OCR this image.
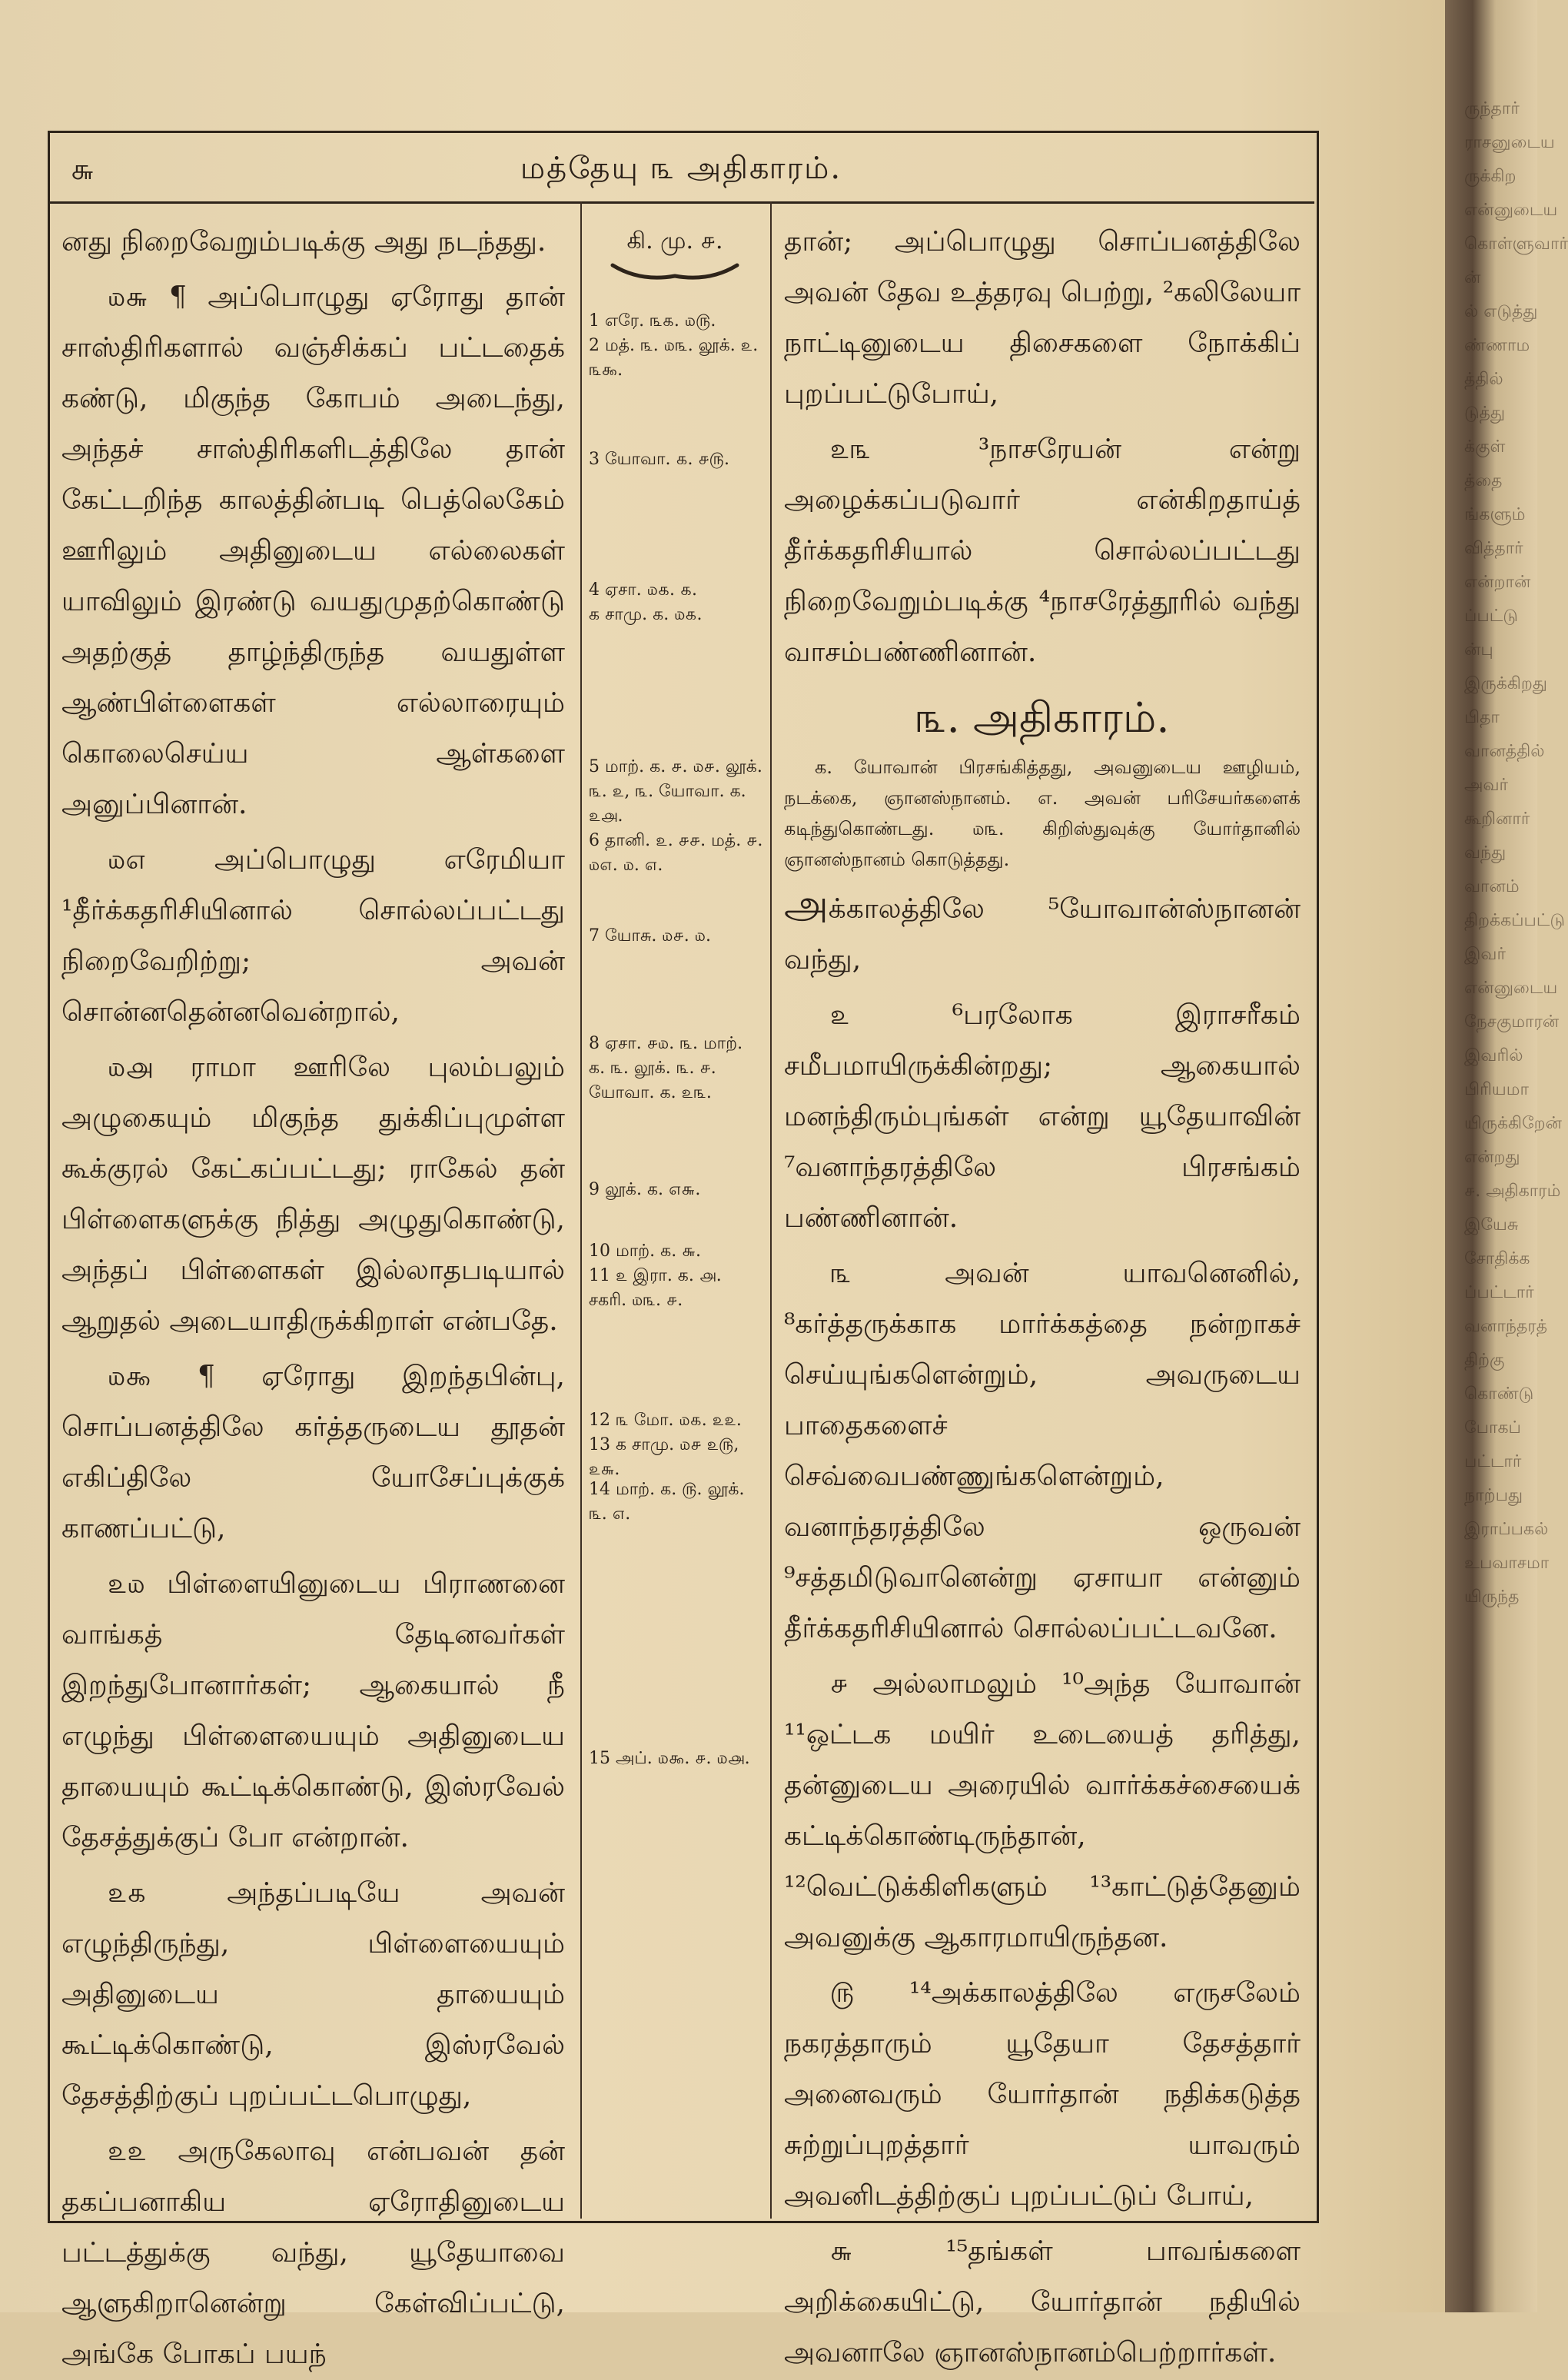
ருந்தார்
ராசனுடைய
ருக்கிற
என்னுடைய
கொள்ளுவார்
ன்
ல் எடுத்து
ண்ணாம
த்தில்
டுத்து
க்குள்
த்தை
ங்களும்
வித்தார்
என்றான்
ப்பட்டு
ன்பு
இருக்கிறது
பிதா
வானத்தில்
அவர்
கூறினார்
வந்து
வானம்
திறக்கப்பட்டு
இவர்
என்னுடைய
நேசகுமாரன்
இவரில்
பிரியமா
யிருக்கிறேன்
என்றது
௪. அதிகாரம்
இயேசு
சோதிக்க
ப்பட்டார்
வனாந்தரத்
திற்கு
கொண்டு
போகப்
பட்டார்
நாற்பது
இராப்பகல்
உபவாசமா
யிருந்த
௬	மத்தேயு ௩ அதிகாரம்.

னது நிறைவேறும்படிக்கு அது நடந்தது.

௰௬ ¶ அப்பொழுது ஏரோது தான் சாஸ்திரிகளால் வஞ்சிக்கப் பட்டதைக் கண்டு, மிகுந்த கோபம் அடைந்து, அந்தச் சாஸ்திரிகளிடத்திலே தான் கேட்டறிந்த காலத்தின்படி பெத்லெகேம் ஊரிலும் அதினுடைய எல்லைகள் யாவிலும் இரண்டு வயதுமுதற்கொண்டு அதற்குத் தாழ்ந்திருந்த வயதுள்ள ஆண்பிள்ளைகள் எல்லாரையும் கொலைசெய்ய ஆள்களை அனுப்பினான்.

௰௭ அப்பொழுது எரேமியா ¹தீர்க்கதரிசியினால் சொல்லப்பட்டது நிறைவேறிற்று; அவன் சொன்னதென்னவென்றால்,

௰௮ ராமா ஊரிலே புலம்பலும் அழுகையும் மிகுந்த துக்கிப்புமுள்ள கூக்குரல் கேட்கப்பட்டது; ராகேல் தன் பிள்ளைகளுக்கு நித்து அழுதுகொண்டு, அந்தப் பிள்ளைகள் இல்லாதபடியால் ஆறுதல் அடையாதிருக்கிறாள் என்பதே.

௰௯ ¶ ஏரோது இறந்தபின்பு, சொப்பனத்திலே கர்த்தருடைய தூதன் எகிப்திலே யோசேப்புக்குக் காணப்பட்டு,

௨௰ பிள்ளையினுடைய பிராணனை வாங்கத் தேடினவர்கள் இறந்துபோனார்கள்; ஆகையால் நீ எழுந்து பிள்ளையையும் அதினுடைய தாயையும் கூட்டிக்கொண்டு, இஸ்ரவேல் தேசத்துக்குப் போ என்றான்.

௨௧ அந்தப்படியே அவன் எழுந்திருந்து, பிள்ளையையும் அதினுடைய தாயையும் கூட்டிக்கொண்டு, இஸ்ரவேல் தேசத்திற்குப் புறப்பட்டபொழுது,

௨௨ அருகேலாவு என்பவன் தன் தகப்பனாகிய ஏரோதினுடைய பட்டத்துக்கு வந்து, யூதேயாவை ஆளுகிறானென்று கேள்விப்பட்டு, அங்கே போகப் பயந்

கி. மு. ௪.
1 எரே. ௩௧. ௰௫.
2 மத். ௩. ௰௩. லூக். ௨. ௩௯.
3 யோவா. ௧. ௪௫.
4 ஏசா. ௰௧. ௧.
க சாமு. க. ௰௧.
5 மாற். க. ௪. ௰௪. லூக். ௩. ௨, ௩. யோவா. க. ௨௮.
6 தானி. ௨. ௪௪. மத். ௪. ௰௭. ௰. ௭.
7 யோசு. ௰௪. ௰.
8 ஏசா. ௪௰. ௩. மாற். க. ௩. லூக். ௩. ௪. யோவா. க. ௨௩.
9 லூக். க. ௭௬.
10 மாற். க. ௬.
11 ௨ இரா. க. ௮. சகரி. ௰௩. ௪.
12 ௩ மோ. ௰௧. ௨௨.
13 க சாமு. ௰௪ ௨௫, ௨௬.
14 மாற். க. ௫. லூக். ௩. ௭.
15 அப். ௰௯. ௪. ௰௮.

தான்; அப்பொழுது சொப்பனத்திலே அவன் தேவ உத்தரவு பெற்று, ²கலிலேயா நாட்டினுடைய திசைகளை நோக்கிப் புறப்பட்டுபோய்,

௨௩	³நாசரேயன் என்று அழைக்கப்படுவார் என்கிறதாய்த் தீர்க்கதரிசியால் சொல்லப்பட்டது நிறைவேறும்படிக்கு ⁴நாசரேத்தூரில் வந்து வாசம்பண்ணினான்.

௩. அதிகாரம்.

க. யோவான் பிரசங்கித்தது, அவனுடைய ஊழியம், நடக்கை, ஞானஸ்நானம். எ. அவன் பரிசேயர்களைக் கடிந்துகொண்டது. ௰௩. கிறிஸ்துவுக்கு யோர்தானில் ஞானஸ்நானம் கொடுத்தது.

அக்காலத்திலே ⁵யோவான்ஸ்நானன் வந்து,

௨ ⁶பரலோக இராசரீகம் சமீபமாயிருக்கின்றது; ஆகையால் மனந்திரும்புங்கள் என்று யூதேயாவின் ⁷வனாந்தரத்திலே பிரசங்கம் பண்ணினான்.

௩ அவன் யாவனெனில், ⁸கர்த்தருக்காக மார்க்கத்தை நன்றாகச் செய்யுங்களென்றும், அவருடைய பாதைகளைச் செவ்வைபண்ணுங்களென்றும், வனாந்தரத்திலே ஒருவன் ⁹சத்தமிடுவானென்று ஏசாயா என்னும் தீர்க்கதரிசியினால் சொல்லப்பட்டவனே.

௪ அல்லாமலும் ¹⁰அந்த யோவான் ¹¹ஒட்டக மயிர் உடையைத் தரித்து, தன்னுடைய அரையில் வார்க்கச்சையைக் கட்டிக்கொண்டிருந்தான், ¹²வெட்டுக்கிளிகளும் ¹³காட்டுத்தேனும் அவனுக்கு ஆகாரமாயிருந்தன.

௫ ¹⁴அக்காலத்திலே எருசலேம் நகரத்தாரும் யூதேயா தேசத்தார் அனைவரும் யோர்தான் நதிக்கடுத்த சுற்றுப்புறத்தார் யாவரும் அவனிடத்திற்குப் புறப்பட்டுப் போய்,

௬ ¹⁵தங்கள் பாவங்களை அறிக்கையிட்டு, யோர்தான் நதியில் அவனாலே ஞானஸ்நானம்பெற்றார்கள்.
